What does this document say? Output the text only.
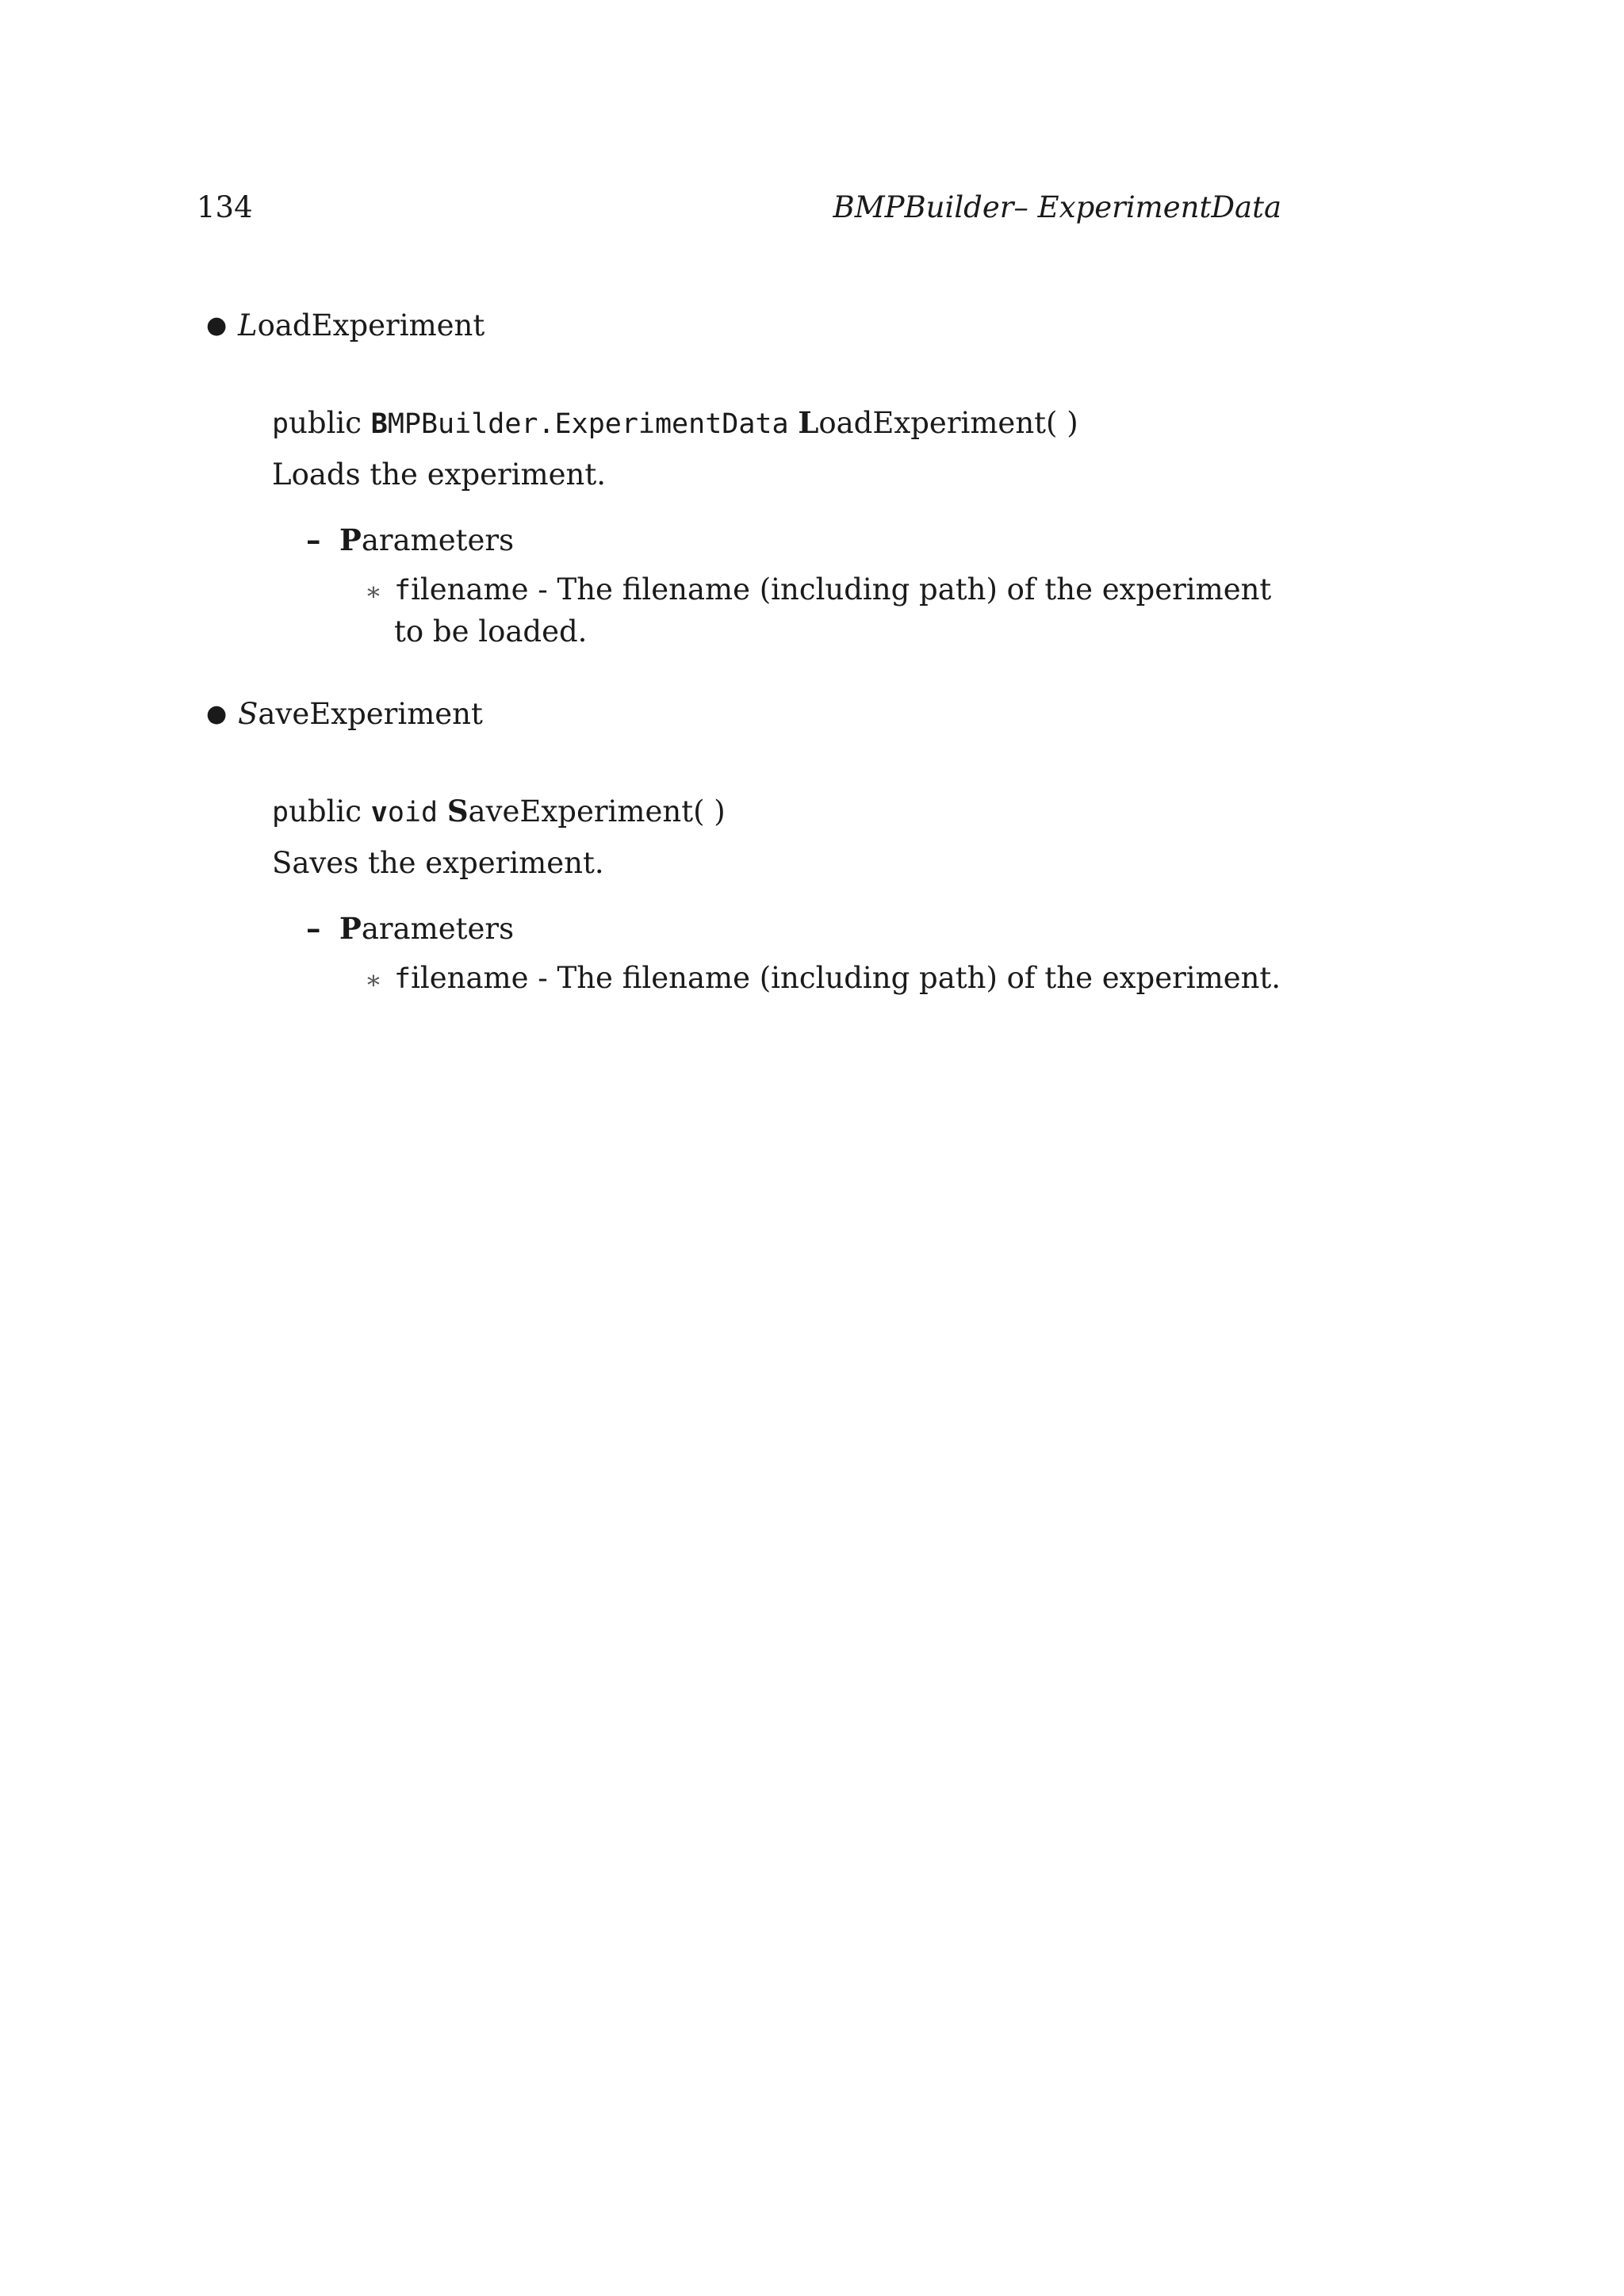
134	BMPBuilder– ExperimentData
● LoadExperiment
public BMPBuilder.ExperimentData LoadExperiment( )
Loads the experiment.
– Parameters
∗ filename - The filename (including path) of the experiment to be loaded.
● SaveExperiment
public void SaveExperiment( )
Saves the experiment.
– Parameters
∗ filename - The filename (including path) of the experiment.
